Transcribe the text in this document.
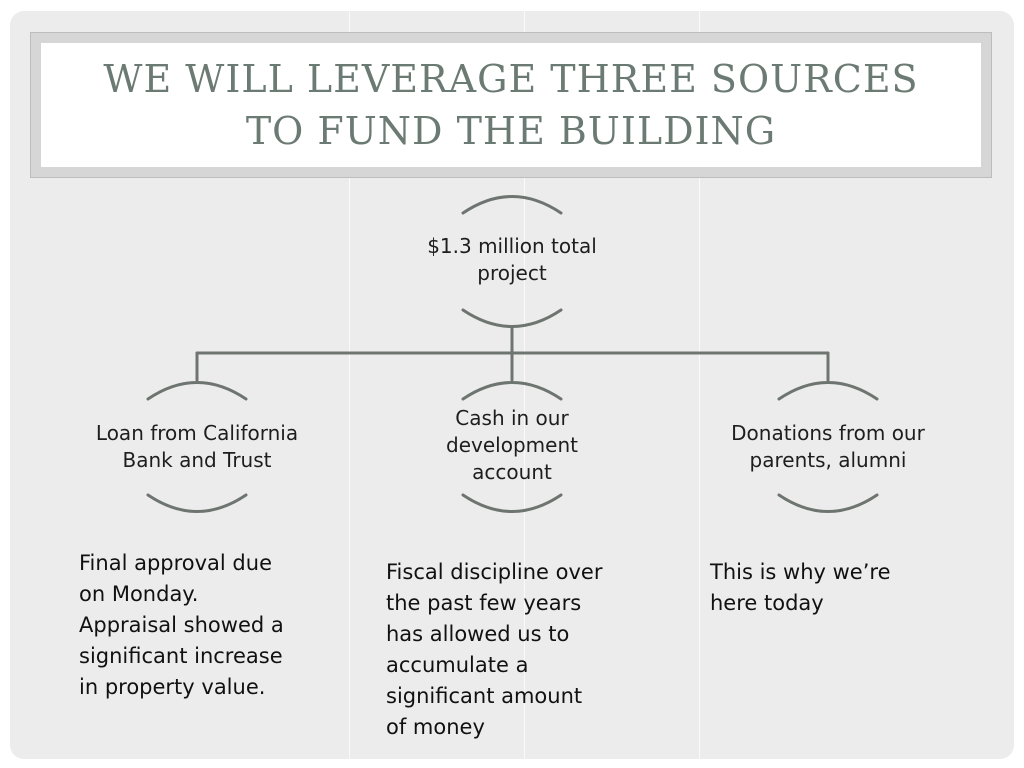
WE WILL LEVERAGE THREE SOURCES TO FUND THE BUILDING
$1.3 million total project
Loan from California Bank and Trust
Cash in our development account
Donations from our parents, alumni
Final approval due
on Monday.
Appraisal showed a
significant increase
in property value.
Fiscal discipline over
the past few years
has allowed us to
accumulate a
significant amount
of money
This is why we’re
here today
